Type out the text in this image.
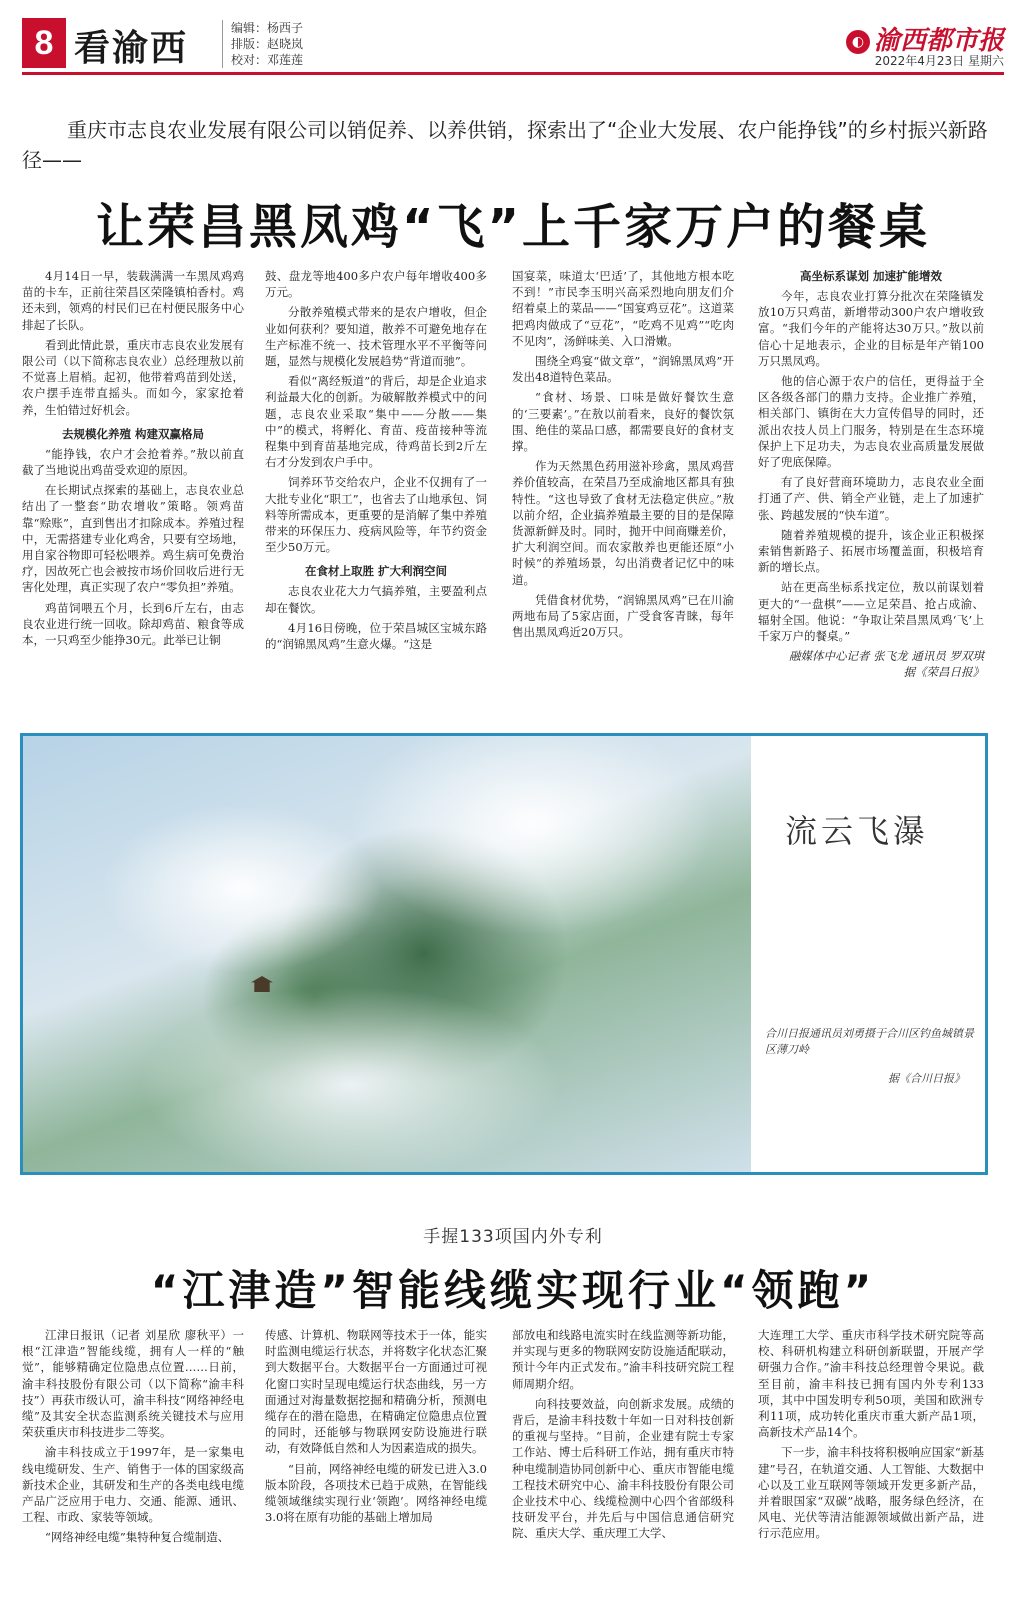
8 看渝西	编辑：杨西子
排版：赵晓岚
校对：邓莲莲
◐ 渝西都市报
2022年4月23日 星期六
重庆市志良农业发展有限公司以销促养、以养供销，探索出了“企业大发展、农户能挣钱”的乡村振兴新路径——
让荣昌黑凤鸡“飞”上千家万户的餐桌

4月14日一早，装载满满一车黑凤鸡鸡苗的卡车，正前往荣昌区荣隆镇柏香村。鸡还未到，领鸡的村民们已在村便民服务中心排起了长队。

看到此情此景，重庆市志良农业发展有限公司（以下简称志良农业）总经理敖以前不觉喜上眉梢。起初，他带着鸡苗到处送，农户摆手连带直摇头。而如今，家家抢着养，生怕错过好机会。

去规模化养殖 构建双赢格局

“能挣钱，农户才会抢着养。”敖以前直截了当地说出鸡苗受欢迎的原因。

在长期试点探索的基础上，志良农业总结出了一整套“助农增收”策略。领鸡苗靠“赊账”，直到售出才扣除成本。养殖过程中，无需搭建专业化鸡舍，只要有空场地，用自家谷物即可轻松喂养。鸡生病可免费治疗，因故死亡也会被按市场价回收后进行无害化处理，真正实现了农户“零负担”养殖。

鸡苗饲喂五个月，长到6斤左右，由志良农业进行统一回收。除却鸡苗、粮食等成本，一只鸡至少能挣30元。此举已让铜

鼓、盘龙等地400多户农户每年增收400多万元。

分散养殖模式带来的是农户增收，但企业如何获利？要知道，散养不可避免地存在生产标准不统一、技术管理水平不平衡等问题，显然与规模化发展趋势“背道而驰”。

看似“离经叛道”的背后，却是企业追求利益最大化的创新。为破解散养模式中的问题，志良农业采取“集中——分散——集中”的模式，将孵化、育苗、疫苗接种等流程集中到育苗基地完成，待鸡苗长到2斤左右才分发到农户手中。

饲养环节交给农户，企业不仅拥有了一大批专业化“职工”，也省去了山地承包、饲料等所需成本，更重要的是消解了集中养殖带来的环保压力、疫病风险等，年节约资金至少50万元。

在食材上取胜 扩大利润空间

志良农业花大力气搞养殖，主要盈利点却在餐饮。

4月16日傍晚，位于荣昌城区宝城东路的“润锦黑凤鸡”生意火爆。“这是

国宴菜，味道太‘巴适’了，其他地方根本吃不到！”市民李玉明兴高采烈地向朋友们介绍着桌上的菜品——“国宴鸡豆花”。这道菜把鸡肉做成了“豆花”，“吃鸡不见鸡”“吃肉不见肉”，汤鲜味美、入口滑嫩。

围绕全鸡宴“做文章”，“润锦黑凤鸡”开发出48道特色菜品。

“食材、场景、口味是做好餐饮生意的‘三要素’。”在敖以前看来，良好的餐饮氛围、绝佳的菜品口感，都需要良好的食材支撑。

作为天然黑色药用滋补珍禽，黑凤鸡营养价值较高，在荣昌乃至成渝地区都具有独特性。“这也导致了食材无法稳定供应。”敖以前介绍，企业搞养殖最主要的目的是保障货源新鲜及时。同时，抛开中间商赚差价，扩大利润空间。而农家散养也更能还原“小时候”的养殖场景，勾出消费者记忆中的味道。

凭借食材优势，“润锦黑凤鸡”已在川渝两地布局了5家店面，广受食客青睐，每年售出黑凤鸡近20万只。

高坐标系谋划 加速扩能增效

今年，志良农业打算分批次在荣隆镇发放10万只鸡苗，新增带动300户农户增收致富。“我们今年的产能将达30万只。”敖以前信心十足地表示，企业的目标是年产销100万只黑凤鸡。

他的信心源于农户的信任，更得益于全区各级各部门的鼎力支持。企业推广养殖，相关部门、镇街在大力宣传倡导的同时，还派出农技人员上门服务，特别是在生态环境保护上下足功夫，为志良农业高质量发展做好了兜底保障。

有了良好营商环境助力，志良农业全面打通了产、供、销全产业链，走上了加速扩张、跨越发展的“快车道”。

随着养殖规模的提升，该企业正积极探索销售新路子、拓展市场覆盖面，积极培育新的增长点。

站在更高坐标系找定位，敖以前谋划着更大的“一盘棋”——立足荣昌、抢占成渝、辐射全国。他说：“争取让荣昌黑凤鸡‘飞’上千家万户的餐桌。”

融媒体中心记者 张飞龙 通讯员 罗双琪
据《荣昌日报》
流云飞瀑
合川日报通讯员刘勇摄于合川区钓鱼城镇景区薄刀岭
据《合川日报》
手握133项国内外专利
“江津造”智能线缆实现行业“领跑”

江津日报讯（记者 刘星欣 廖秋平）一根“江津造”智能线缆，拥有人一样的“触觉”，能够精确定位隐患点位置……日前，渝丰科技股份有限公司（以下简称“渝丰科技”）再获市级认可，渝丰科技“网络神经电缆”及其安全状态监测系统关键技术与应用荣获重庆市科技进步二等奖。

渝丰科技成立于1997年，是一家集电线电缆研发、生产、销售于一体的国家级高新技术企业，其研发和生产的各类电线电缆产品广泛应用于电力、交通、能源、通讯、工程、市政、家装等领域。

“网络神经电缆”集特种复合缆制造、

传感、计算机、物联网等技术于一体，能实时监测电缆运行状态，并将数字化状态汇聚到大数据平台。大数据平台一方面通过可视化窗口实时呈现电缆运行状态曲线，另一方面通过对海量数据挖掘和精确分析，预测电缆存在的潜在隐患，在精确定位隐患点位置的同时，还能够与物联网安防设施进行联动，有效降低自然和人为因素造成的损失。

“目前，网络神经电缆的研发已进入3.0版本阶段，各项技术已趋于成熟，在智能线缆领域继续实现行业‘领跑’。网络神经电缆3.0将在原有功能的基础上增加局

部放电和线路电流实时在线监测等新功能，并实现与更多的物联网安防设施适配联动，预计今年内正式发布。”渝丰科技研究院工程师周期介绍。

向科技要效益，向创新求发展。成绩的背后，是渝丰科技数十年如一日对科技创新的重视与坚持。“目前，企业建有院士专家工作站、博士后科研工作站，拥有重庆市特种电缆制造协同创新中心、重庆市智能电缆工程技术研究中心、渝丰科技股份有限公司企业技术中心、线缆检测中心四个省部级科技研发平台，并先后与中国信息通信研究院、重庆大学、重庆理工大学、

大连理工大学、重庆市科学技术研究院等高校、科研机构建立科研创新联盟，开展产学研强力合作。”渝丰科技总经理曾令果说。截至目前，渝丰科技已拥有国内外专利133项，其中中国发明专利50项，美国和欧洲专利11项，成功转化重庆市重大新产品1项，高新技术产品14个。

下一步，渝丰科技将积极响应国家“新基建”号召，在轨道交通、人工智能、大数据中心以及工业互联网等领域开发更多新产品，并着眼国家“双碳”战略，服务绿色经济，在风电、光伏等清洁能源领域做出新产品，进行示范应用。
